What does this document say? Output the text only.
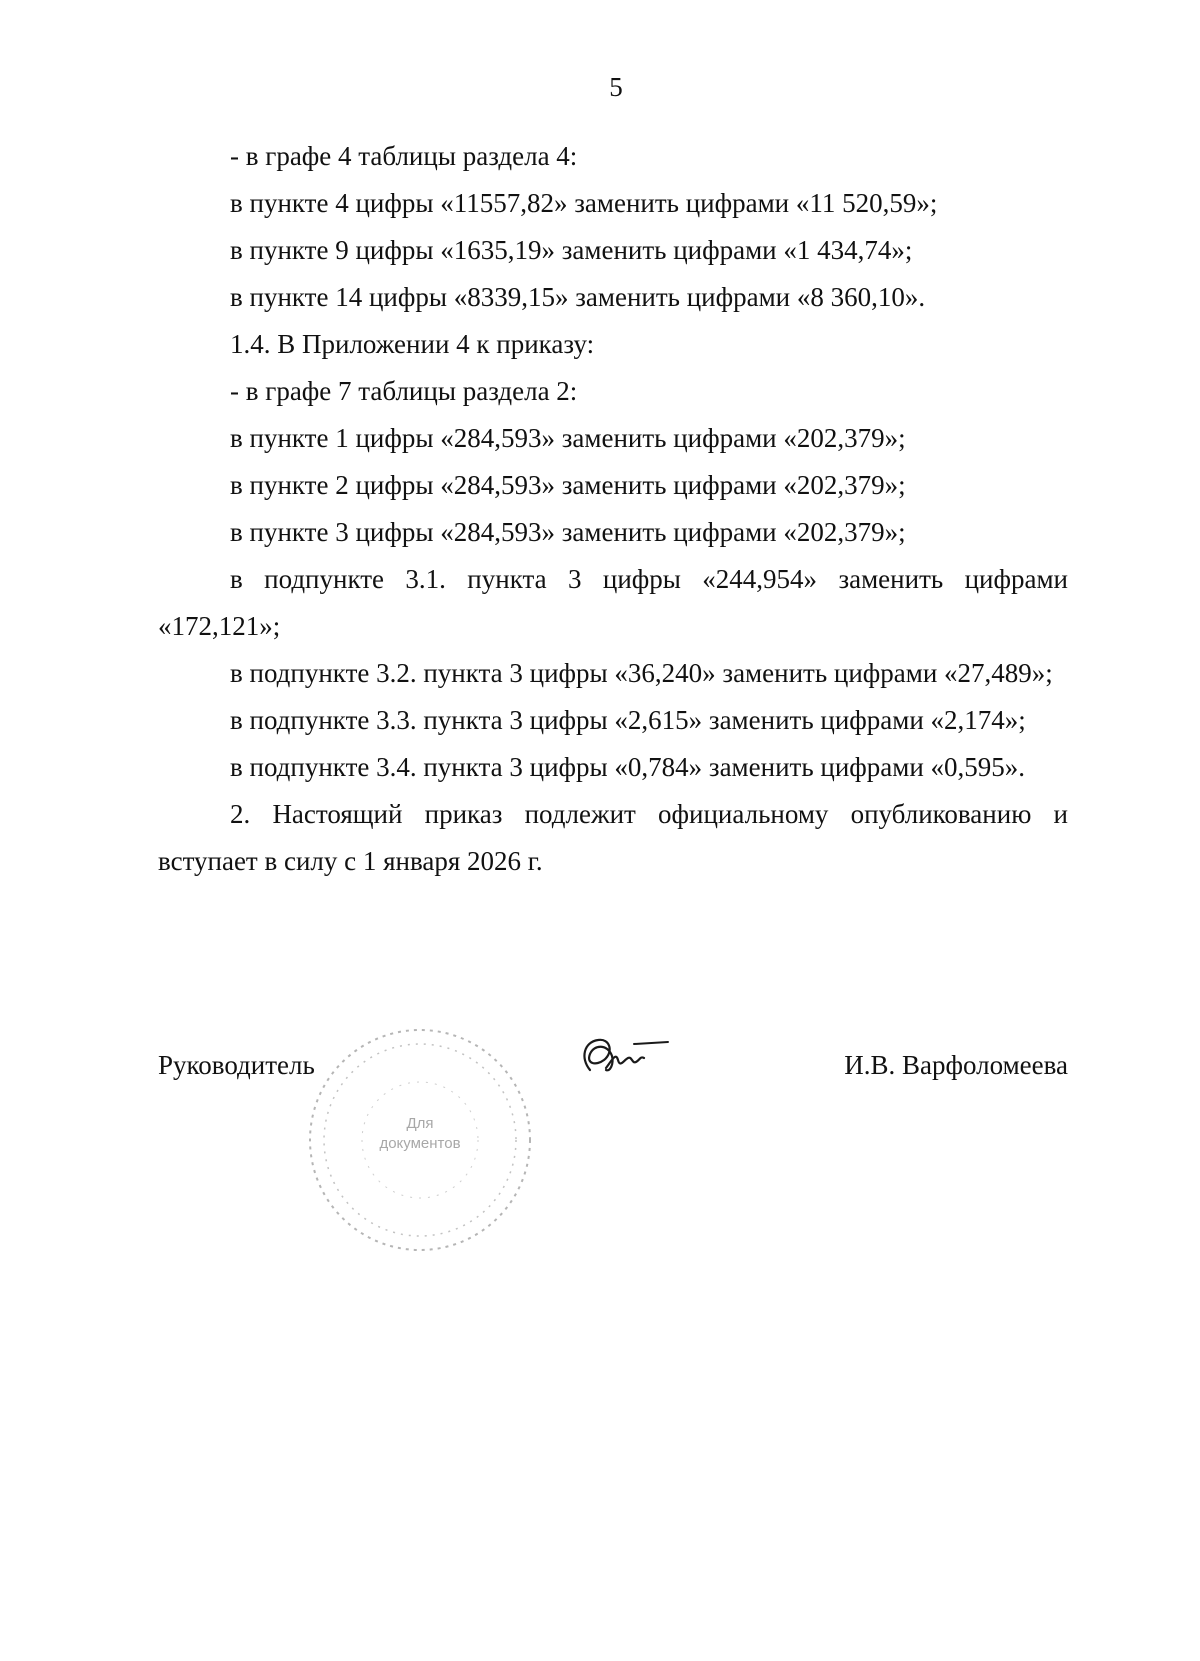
5

- в графе 4 таблицы раздела 4:

в пункте 4 цифры «11557,82» заменить цифрами «11 520,59»;

в пункте 9 цифры «1635,19» заменить цифрами «1 434,74»;

в пункте 14 цифры «8339,15» заменить цифрами «8 360,10».

1.4. В Приложении 4 к приказу:

- в графе 7 таблицы раздела 2:

в пункте 1 цифры «284,593» заменить цифрами «202,379»;

в пункте 2 цифры «284,593» заменить цифрами «202,379»;

в пункте 3 цифры «284,593» заменить цифрами «202,379»;

в подпункте 3.1. пункта 3 цифры «244,954» заменить цифрами «172,121»;

в подпункте 3.2. пункта 3 цифры «36,240» заменить цифрами «27,489»;

в подпункте 3.3. пункта 3 цифры «2,615» заменить цифрами «2,174»;

в подпункте 3.4. пункта 3 цифры «0,784» заменить цифрами «0,595».

2. Настоящий приказ подлежит официальному опубликованию и вступает в силу с 1 января 2026 г.

Руководитель	И.В. Варфоломеева
Для
документов
